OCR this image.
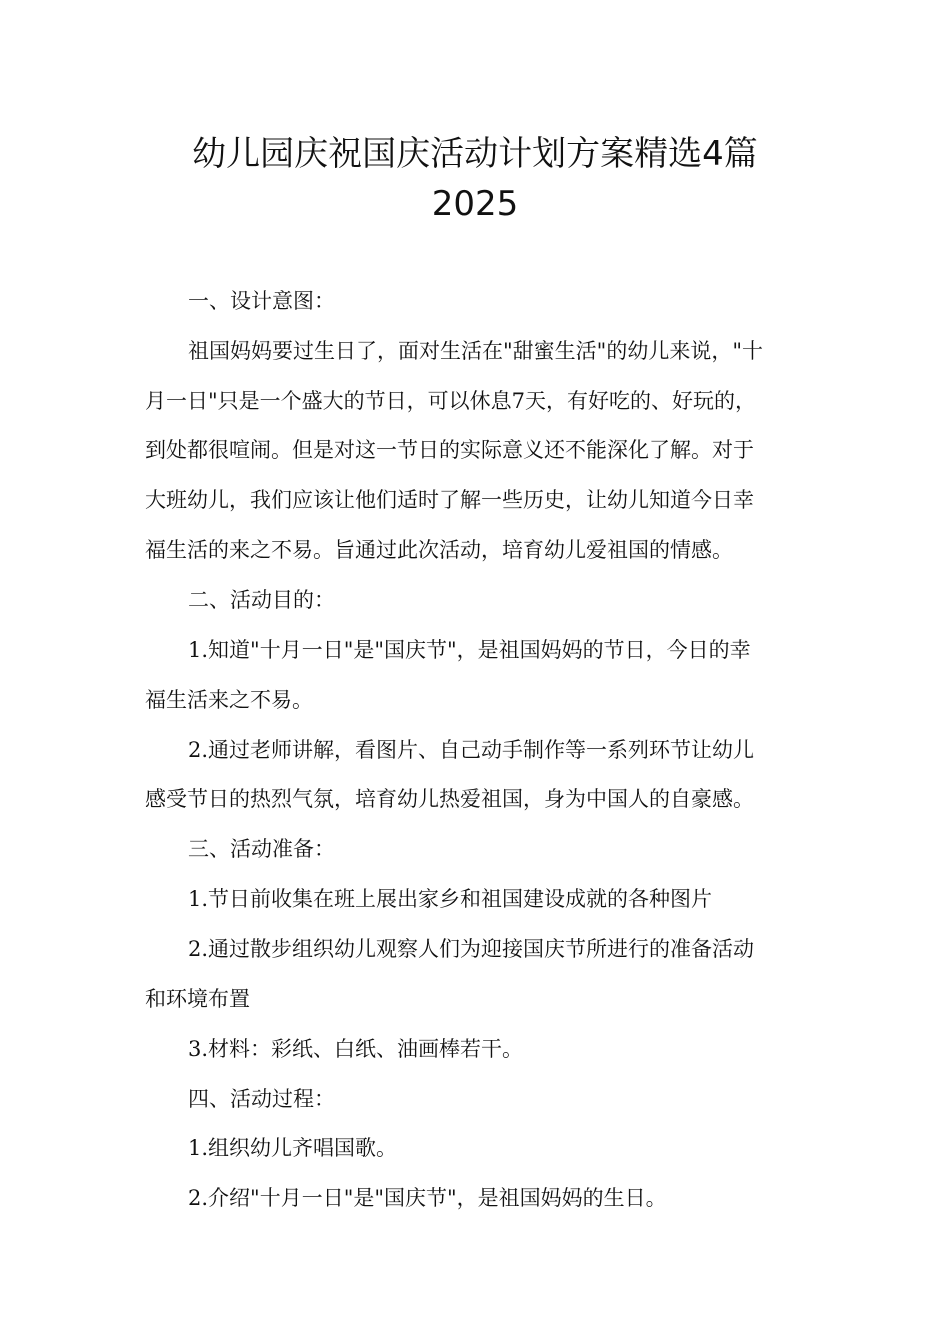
幼儿园庆祝国庆活动计划方案精选4篇
2025

一、设计意图：

祖国妈妈要过生日了，面对生活在"甜蜜生活"的幼儿来说，"十

月一日"只是一个盛大的节日，可以休息7天，有好吃的、好玩的，

到处都很喧闹。但是对这一节日的实际意义还不能深化了解。对于

大班幼儿，我们应该让他们适时了解一些历史，让幼儿知道今日幸

福生活的来之不易。旨通过此次活动，培育幼儿爱祖国的情感。

二、活动目的：

1.知道"十月一日"是"国庆节"，是祖国妈妈的节日，今日的幸

福生活来之不易。

2.通过老师讲解，看图片、自己动手制作等一系列环节让幼儿

感受节日的热烈气氛，培育幼儿热爱祖国，身为中国人的自豪感。

三、活动准备：

1.节日前收集在班上展出家乡和祖国建设成就的各种图片

2.通过散步组织幼儿观察人们为迎接国庆节所进行的准备活动

和环境布置

3.材料：彩纸、白纸、油画棒若干。

四、活动过程：

1.组织幼儿齐唱国歌。

2.介绍"十月一日"是"国庆节"，是祖国妈妈的生日。
